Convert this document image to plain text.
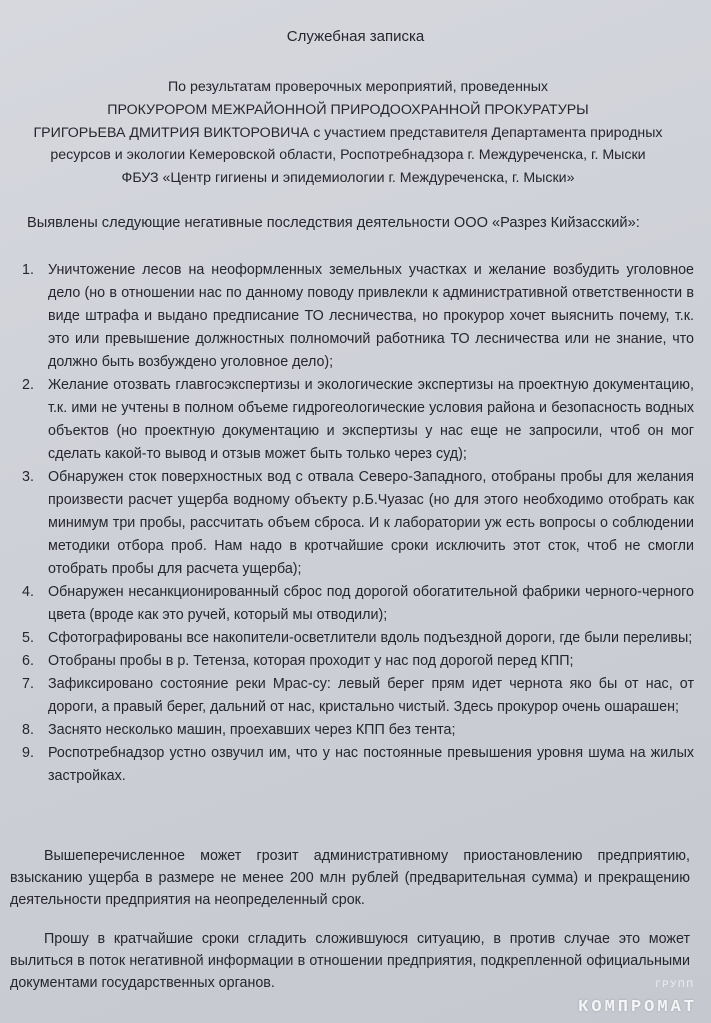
Служебная записка
По результатам проверочных мероприятий, проведенных
ПРОКУРОРОМ МЕЖРАЙОННОЙ ПРИРОДООХРАННОЙ ПРОКУРАТУРЫ
ГРИГОРЬЕВА ДМИТРИЯ ВИКТОРОВИЧА с участием представителя Департамента природных
ресурсов и экологии Кемеровской области, Роспотребнадзора г. Междуреченска, г. Мыски
ФБУЗ «Центр гигиены и эпидемиологии г. Междуреченска, г. Мыски»
Выявлены следующие негативные последствия деятельности ООО «Разрез Кийзасский»:
1. Уничтожение лесов на неоформленных земельных участках и желание возбудить уголовное дело (но в отношении нас по данному поводу привлекли к административной ответственности в виде штрафа и выдано предписание ТО лесничества, но прокурор хочет выяснить почему, т.к. это или превышение должностных полномочий работника ТО лесничества или не знание, что должно быть возбуждено уголовное дело);
2. Желание отозвать главгосэкспертизы и экологические экспертизы на проектную документацию, т.к. ими не учтены в полном объеме гидрогеологические условия района и безопасность водных объектов (но проектную документацию и экспертизы у нас еще не запросили, чтоб он мог сделать какой-то вывод и отзыв может быть только через суд);
3. Обнаружен сток поверхностных вод с отвала Северо-Западного, отобраны пробы для желания произвести расчет ущерба водному объекту р.Б.Чуазас (но для этого необходимо отобрать как минимум три пробы, рассчитать объем сброса. И к лаборатории уж есть вопросы о соблюдении методики отбора проб. Нам надо в кротчайшие сроки исключить этот сток, чтоб не смогли отобрать пробы для расчета ущерба);
4. Обнаружен несанкционированный сброс под дорогой обогатительной фабрики черного-черного цвета (вроде как это ручей, который мы отводили);
5. Сфотографированы все накопители-осветлители вдоль подъездной дороги, где были переливы;
6. Отобраны пробы в р. Тетенза, которая проходит у нас под дорогой перед КПП;
7. Зафиксировано состояние реки Мрас-су: левый берег прям идет чернота яко бы от нас, от дороги, а правый берег, дальний от нас, кристально чистый. Здесь прокурор очень ошарашен;
8. Заснято несколько машин, проехавших через КПП без тента;
9. Роспотребнадзор устно озвучил им, что у нас постоянные превышения уровня шума на жилых застройках.
Вышеперечисленное может грозит административному приостановлению предприятию, взысканию ущерба в размере не менее 200 млн рублей (предварительная сумма) и прекращению деятельности предприятия на неопределенный срок.
Прошу в кратчайшие сроки сгладить сложившуюся ситуацию, в против случае это может вылиться в поток негативной информации в отношении предприятия, подкрепленной официальными документами государственных органов.	ГРУПП
КОМПРОМАТ
